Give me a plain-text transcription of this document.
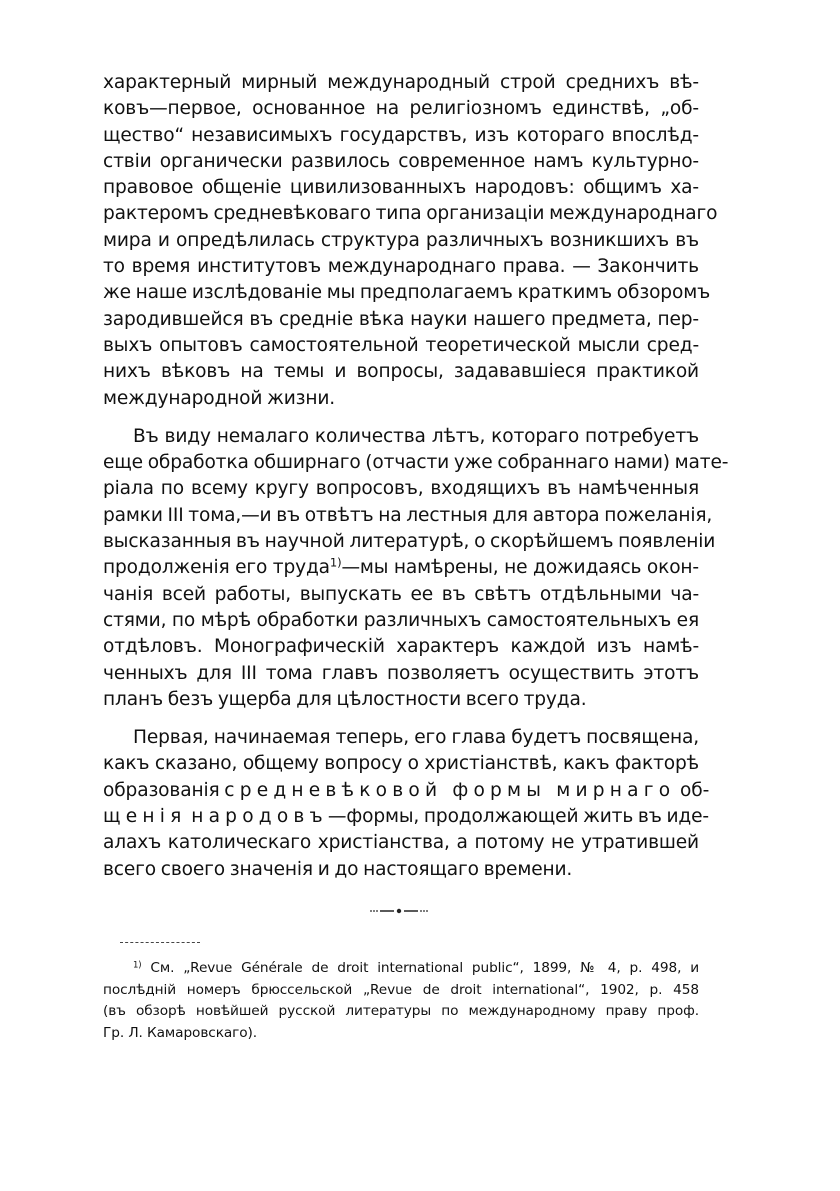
характерный мирный международный строй среднихъ вѣ-
ковъ—первое, основанное на религіозномъ единствѣ, „об-
щество“ независимыхъ государствъ, изъ котораго впослѣд-
ствіи органически развилось современное намъ культурно-
правовое общеніе цивилизованныхъ народовъ: общимъ ха-
рактеромъ средневѣковаго типа организаціи международнаго
мира и опредѣлилась структура различныхъ возникшихъ въ
то время институтовъ международнаго права. — Закончить
же наше изслѣдованіе мы предполагаемъ краткимъ обзоромъ
зародившейся въ средніе вѣка науки нашего предмета, пер-
выхъ опытовъ самостоятельной теоретической мысли сред-
нихъ вѣковъ на темы и вопросы, задававшіеся практикой
международной жизни.
Въ виду немалаго количества лѣтъ, котораго потребуетъ
еще обработка обширнаго (отчасти уже собраннаго нами) мате-
ріала по всему кругу вопросовъ, входящихъ въ намѣченныя
рамки III тома,—и въ отвѣтъ на лестныя для автора пожеланія,
высказанныя въ научной литературѣ, о скорѣйшемъ появленіи
продолженія его труда$^{1)}$—мы намѣрены, не дожидаясь окон-
чанія всей работы, выпускать ее въ свѣтъ отдѣльными ча-
стями, по мѣрѣ обработки различныхъ самостоятельныхъ ея
отдѣловъ. Монографическій характеръ каждой изъ намѣ-
ченныхъ для III тома главъ позволяетъ осуществить этотъ
планъ безъ ущерба для цѣлостности всего труда.
Первая, начинаемая теперь, его глава будетъ посвящена,
какъ сказано, общему вопросу о христіанствѣ, какъ факторѣ
образованія средневѣковой формы мирнаго об-
щенія народовъ—формы, продолжающей жить въ иде-
алахъ католическаго христіанства, а потому не утратившей
всего своего значенія и до настоящаго времени.
$^{1)}$ См. „Revue Générale de droit international public“, 1899, № 4, p. 498, и
послѣдній номеръ брюссельской „Revue de droit international“, 1902, p. 458
(въ обзорѣ новѣйшей русской литературы по международному праву проф.
Гр. Л. Камаровскаго).
